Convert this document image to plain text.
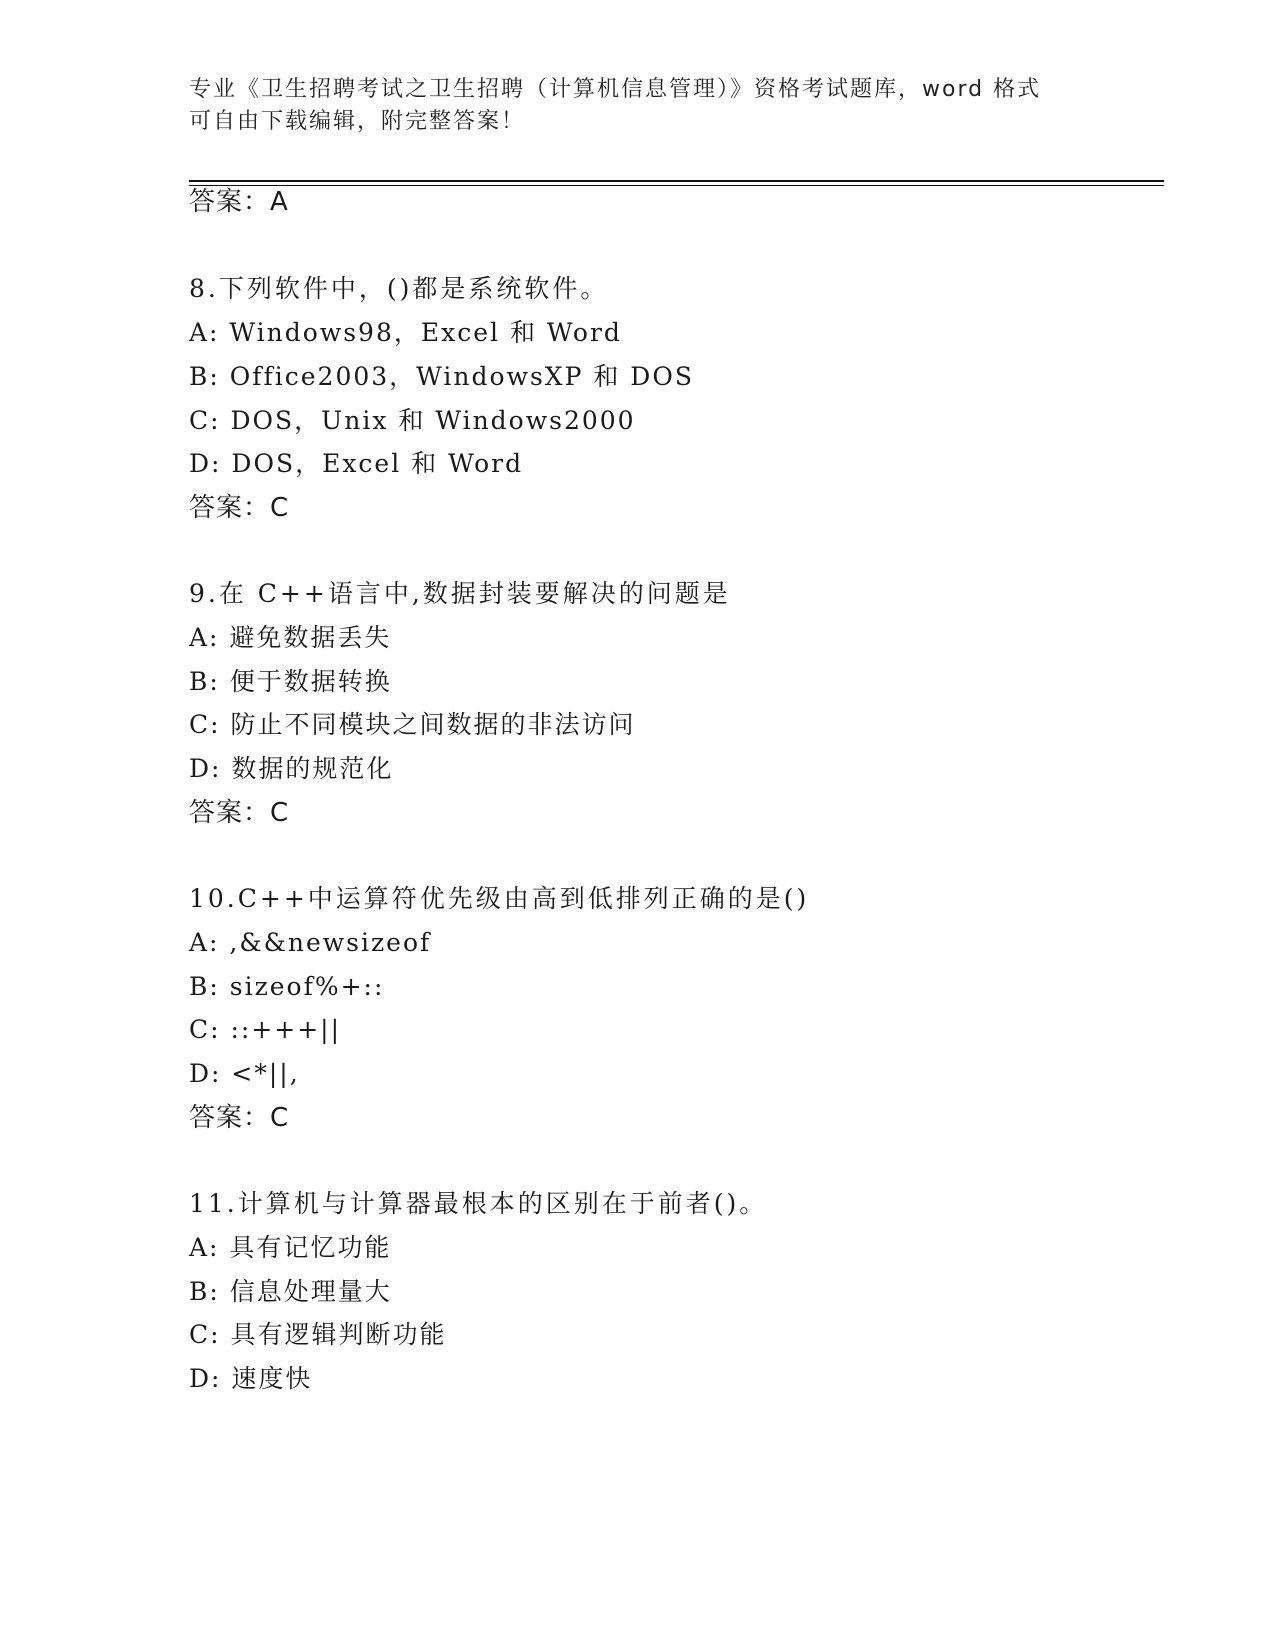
专业《卫生招聘考试之卫生招聘（计算机信息管理）》资格考试题库，word 格式
可自由下载编辑，附完整答案！
答案：A
8.下列软件中，()都是系统软件。
A: Windows98，Excel 和 Word
B: Office2003，WindowsXP 和 DOS
C: DOS，Unix 和 Windows2000
D: DOS，Excel 和 Word
答案：C
9.在 C++语言中,数据封装要解决的问题是
A: 避免数据丢失
B: 便于数据转换
C: 防止不同模块之间数据的非法访问
D: 数据的规范化
答案：C
10.C++中运算符优先级由高到低排列正确的是()
A: ,&&newsizeof
B: sizeof%+::
C: ::+++||
D: <*||,
答案：C
11.计算机与计算器最根本的区别在于前者()。
A: 具有记忆功能
B: 信息处理量大
C: 具有逻辑判断功能
D: 速度快
